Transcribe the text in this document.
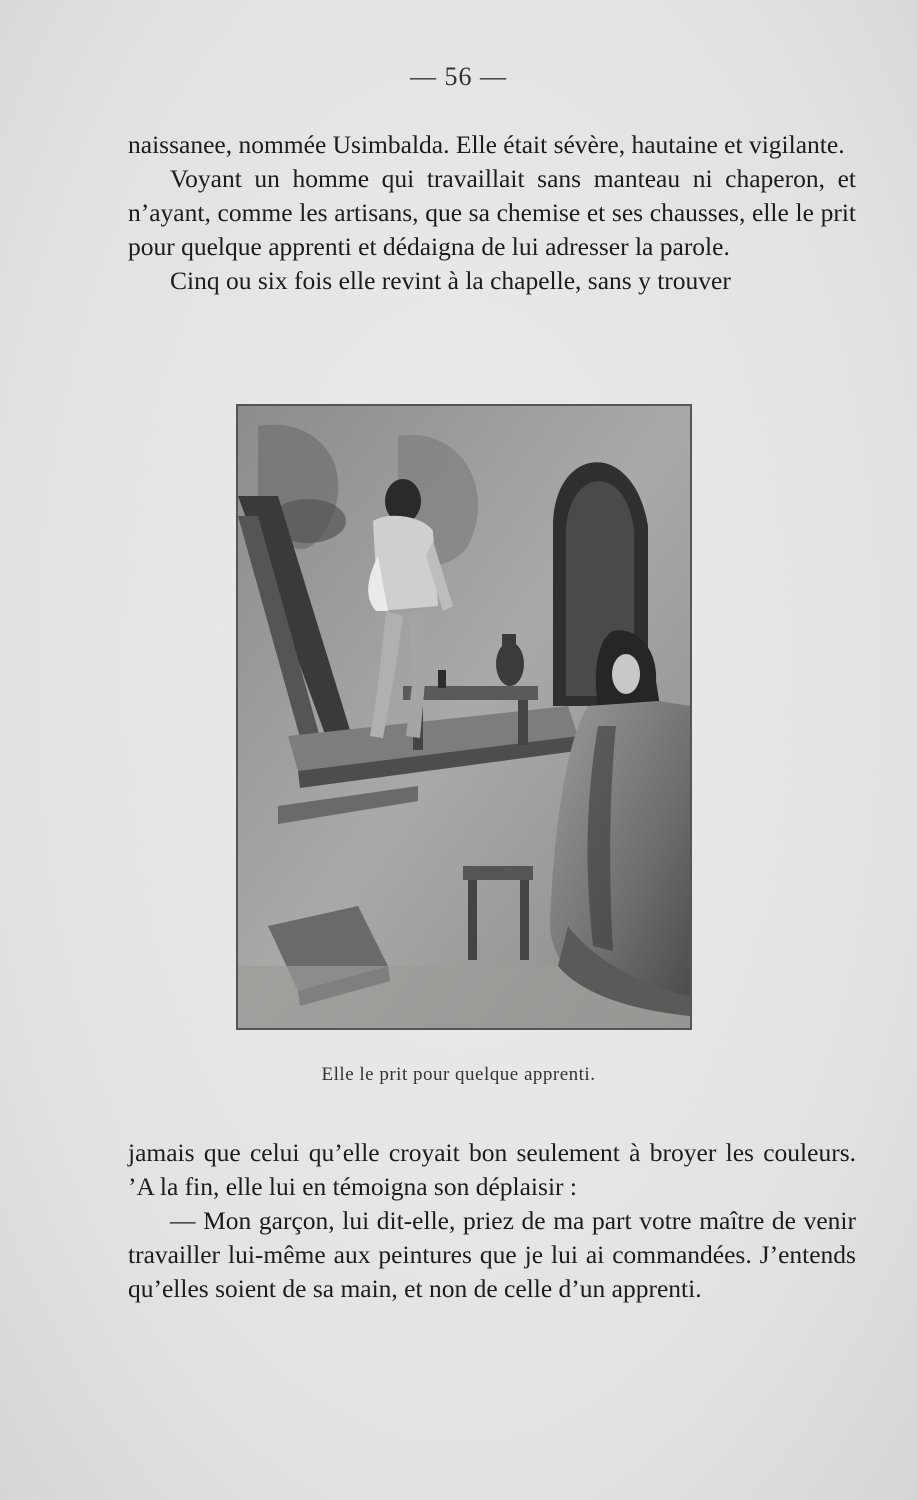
— 56 —

naissanee, nommée Usimbalda. Elle était sévère, hautaine et vigilante.

Voyant un homme qui travaillait sans manteau ni chaperon, et n’ayant, comme les artisans, que sa chemise et ses chausses, elle le prit pour quelque apprenti et dédaigna de lui adresser la parole.

Cinq ou six fois elle revint à la chapelle, sans y trouver

Elle le prit pour quelque apprenti.

jamais que celui qu’elle croyait bon seulement à broyer les couleurs. ’A la fin, elle lui en témoigna son déplaisir :

— Mon garçon, lui dit-elle, priez de ma part votre maître de venir travailler lui-même aux peintures que je lui ai commandées. J’entends qu’elles soient de sa main, et non de celle d’un apprenti.
